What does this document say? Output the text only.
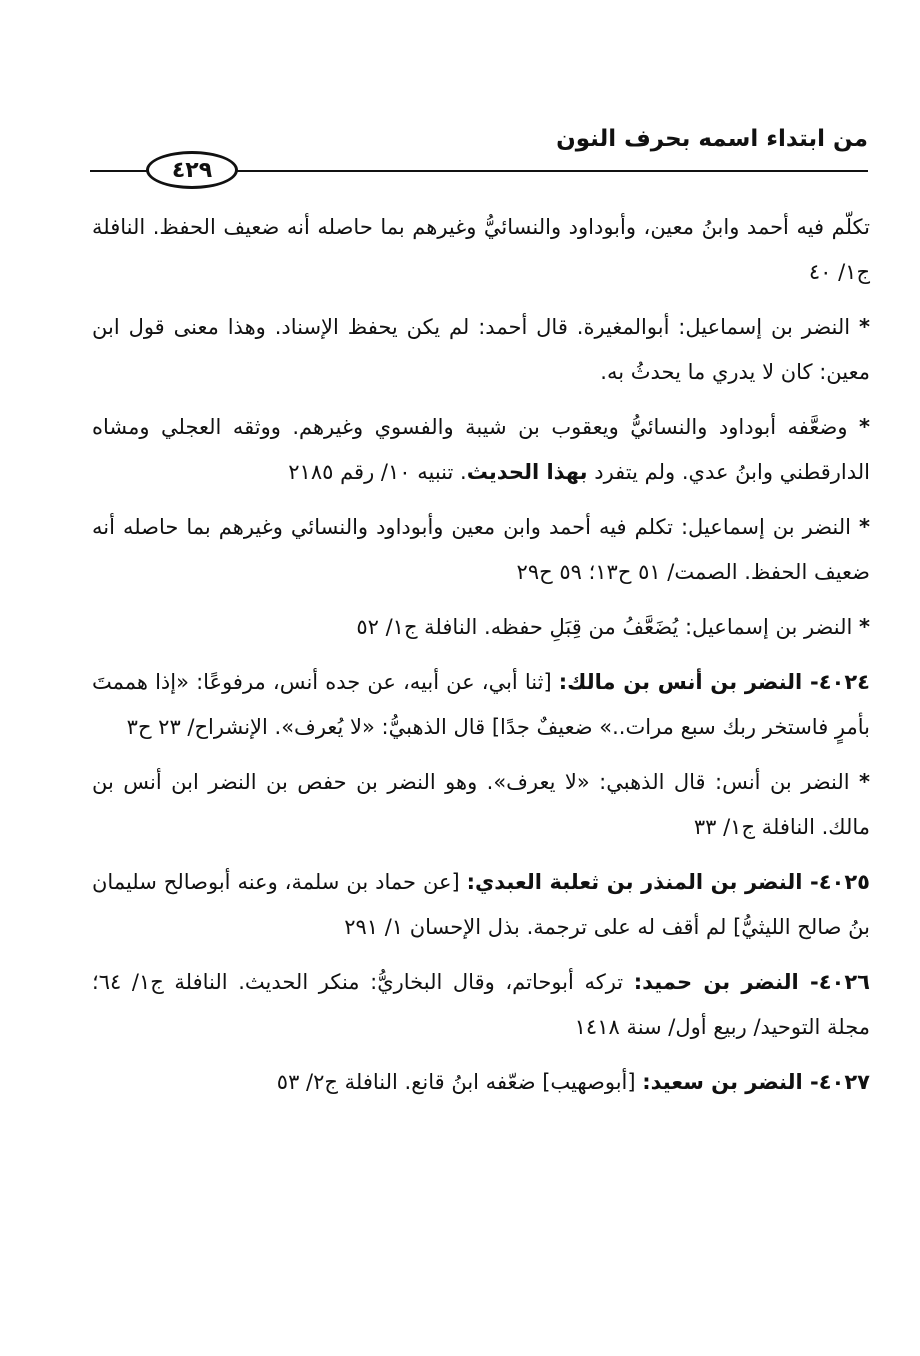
من ابتداء اسمه بحرف النون
٤٢٩

تكلّم فيه أحمد وابنُ معين، وأبوداود والنسائيُّ وغيرهم بما حاصله أنه ضعيف الحفظ. النافلة ج١/ ٤٠

* النضر بن إسماعيل: أبوالمغيرة. قال أحمد: لم يكن يحفظ الإسناد. وهذا معنى قول ابن معين: كان لا يدري ما يحدثُ به.

* وضعَّفه أبوداود والنسائيُّ ويعقوب بن شيبة والفسوي وغيرهم. ووثقه العجلي ومشاه الدارقطني وابنُ عدي. ولم يتفرد بهذا الحديث. تنبيه ١٠/ رقم ٢١٨٥

* النضر بن إسماعيل: تكلم فيه أحمد وابن معين وأبوداود والنسائي وغيرهم بما حاصله أنه ضعيف الحفظ. الصمت/ ٥١ ح١٣؛ ٥٩ ح٢٩

* النضر بن إسماعيل: يُضَعَّفُ من قِبَلِ حفظه. النافلة ج١/ ٥٢

٤٠٢٤- النضر بن أنس بن مالك: [ثنا أبي، عن أبيه، عن جده أنس، مرفوعًا: «إذا هممتَ بأمرٍ فاستخر ربك سبع مرات..» ضعيفٌ جدًا] قال الذهبيُّ: «لا يُعرف». الإنشراح/ ٢٣ ح٣

* النضر بن أنس: قال الذهبي: «لا يعرف». وهو النضر بن حفص بن النضر ابن أنس بن مالك. النافلة ج١/ ٣٣

٤٠٢٥- النضر بن المنذر بن ثعلبة العبدي: [عن حماد بن سلمة، وعنه أبوصالح سليمان بنُ صالح الليثيُّ] لم أقف له على ترجمة. بذل الإحسان ١/ ٢٩١

٤٠٢٦- النضر بن حميد: تركه أبوحاتم، وقال البخاريُّ: منكر الحديث. النافلة ج١/ ٦٤؛ مجلة التوحيد/ ربيع أول/ سنة ١٤١٨

٤٠٢٧- النضر بن سعيد: [أبوصهيب] ضعّفه ابنُ قانع. النافلة ج٢/ ٥٣
